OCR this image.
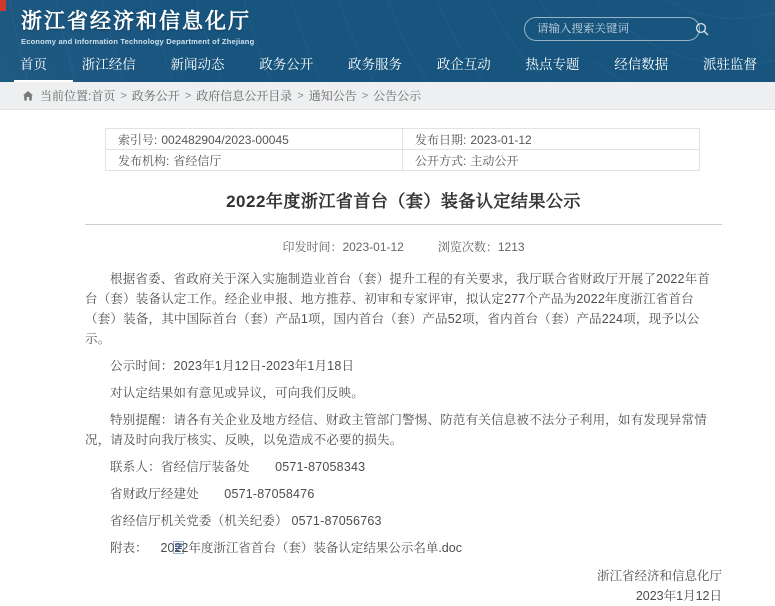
浙江省经济和信息化厅
Economy and Information Technology Department of Zhejiang
请输入搜索关键词
首页	浙江经信	新闻动态	政务公开	政务服务	政企互动	热点专题	经信数据	派驻监督
当前位置: 首页 > 政务公开 > 政府信息公开目录 > 通知公告 > 公告公示
索引号: 002482904/2023-00045	发布日期: 2023-01-12
发布机构: 省经信厅	公开方式: 主动公开
2022年度浙江省首台（套）装备认定结果公示
印发时间：2023-01-12	浏览次数：1213

根据省委、省政府关于深入实施制造业首台（套）提升工程的有关要求，我厅联合省财政厅开展了2022年首台（套）装备认定工作。经企业申报、地方推荐、初审和专家评审，拟认定277个产品为2022年度浙江省首台（套）装备，其中国际首台（套）产品1项，国内首台（套）产品52项，省内首台（套）产品224项，现予以公示。

公示时间：2023年1月12日-2023年1月18日

对认定结果如有意见或异议，可向我们反映。

特别提醒：请各有关企业及地方经信、财政主管部门警惕、防范有关信息被不法分子利用，如有发现异常情况，请及时向我厅核实、反映，以免造成不必要的损失。

联系人：省经信厅装备处　　0571-87058343

省财政厅经建处　　0571-87058476

省经信厅机关党委（机关纪委） 0571-87056763

附表： 2022年度浙江省首台（套）装备认定结果公示名单.doc
浙江省经济和信息化厅
2023年1月12日
